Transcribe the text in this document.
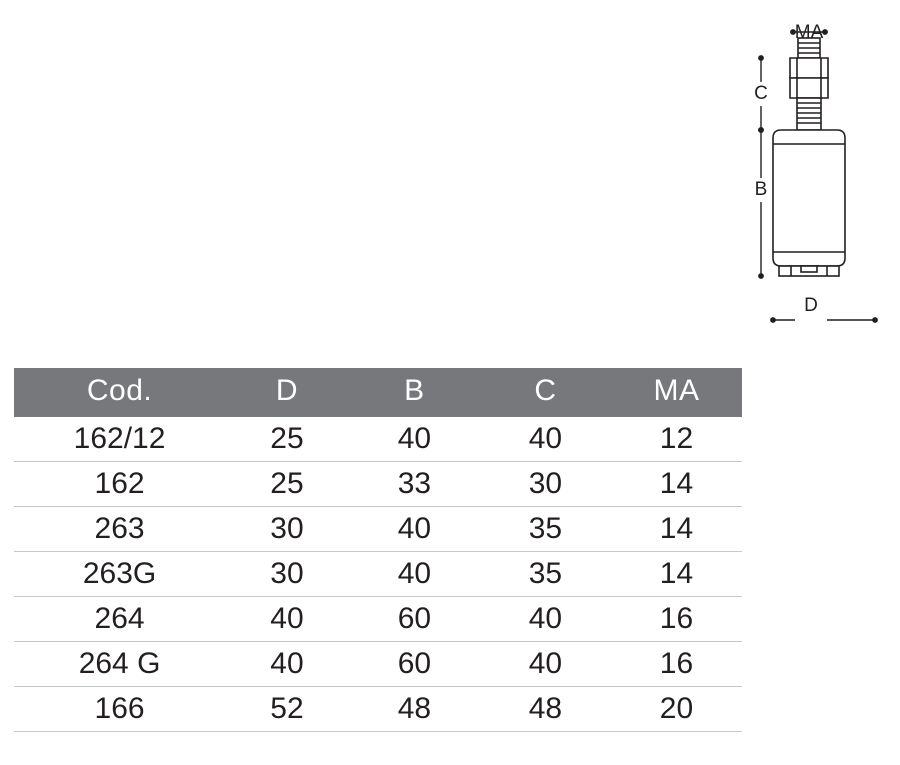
MA
C
B
D
Cod.	D	B	C	MA
162/12	25	40	40	12
162	25	33	30	14
263	30	40	35	14
263G	30	40	35	14
264	40	60	40	16
264 G	40	60	40	16
166	52	48	48	20
